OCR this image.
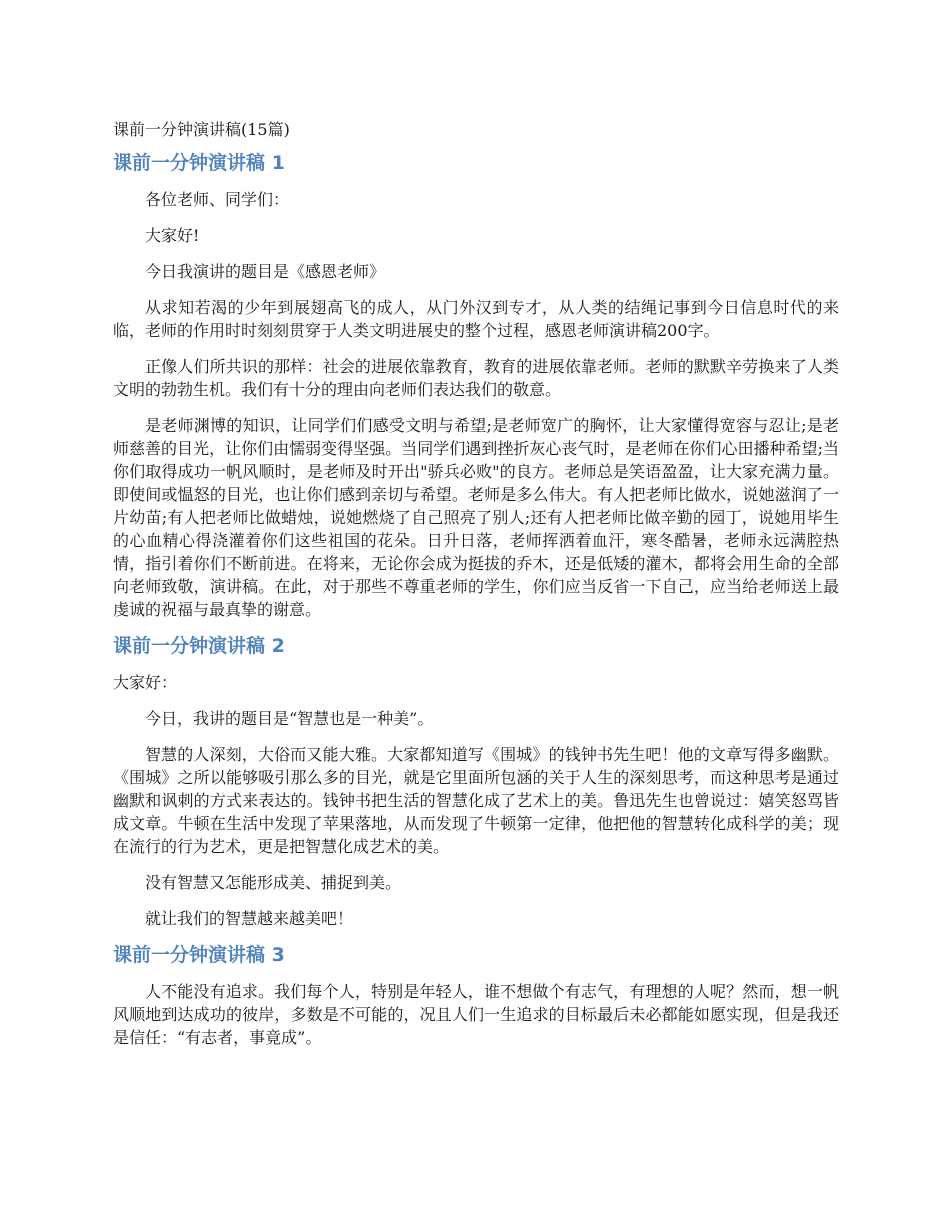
课前一分钟演讲稿(15篇)
课前一分钟演讲稿 1

各位老师、同学们：

大家好!

今日我演讲的题目是《感恩老师》

从求知若渴的少年到展翅高飞的成人，从门外汉到专才，从人类的结绳记事到今日信息时代的来临，老师的作用时时刻刻贯穿于人类文明进展史的整个过程，感恩老师演讲稿200字。

正像人们所共识的那样：社会的进展依靠教育，教育的进展依靠老师。老师的默默辛劳换来了人类文明的勃勃生机。我们有十分的理由向老师们表达我们的敬意。

是老师渊博的知识，让同学们们感受文明与希望;是老师宽广的胸怀，让大家懂得宽容与忍让;是老师慈善的目光，让你们由懦弱变得坚强。当同学们遇到挫折灰心丧气时，是老师在你们心田播种希望;当你们取得成功一帆风顺时，是老师及时开出"骄兵必败"的良方。老师总是笑语盈盈，让大家充满力量。即使间或愠怒的目光，也让你们感到亲切与希望。老师是多么伟大。有人把老师比做水，说她滋润了一片幼苗;有人把老师比做蜡烛，说她燃烧了自己照亮了别人;还有人把老师比做辛勤的园丁，说她用毕生的心血精心得浇灌着你们这些祖国的花朵。日升日落，老师挥洒着血汗，寒冬酷暑，老师永远满腔热情，指引着你们不断前进。在将来，无论你会成为挺拔的乔木，还是低矮的灌木，都将会用生命的全部向老师致敬，演讲稿。在此，对于那些不尊重老师的学生，你们应当反省一下自己，应当给老师送上最虔诚的祝福与最真挚的谢意。

课前一分钟演讲稿 2

大家好：

今日，我讲的题目是“智慧也是一种美”。

智慧的人深刻，大俗而又能大雅。大家都知道写《围城》的钱钟书先生吧！他的文章写得多幽默。《围城》之所以能够吸引那么多的目光，就是它里面所包涵的关于人生的深刻思考，而这种思考是通过幽默和讽刺的方式来表达的。钱钟书把生活的智慧化成了艺术上的美。鲁迅先生也曾说过：嬉笑怒骂皆成文章。牛顿在生活中发现了苹果落地，从而发现了牛顿第一定律，他把他的智慧转化成科学的美；现在流行的行为艺术，更是把智慧化成艺术的美。

没有智慧又怎能形成美、捕捉到美。

就让我们的智慧越来越美吧！

课前一分钟演讲稿 3

人不能没有追求。我们每个人，特别是年轻人，谁不想做个有志气，有理想的人呢？然而，想一帆风顺地到达成功的彼岸，多数是不可能的，况且人们一生追求的目标最后未必都能如愿实现，但是我还是信任：“有志者，事竟成”。
